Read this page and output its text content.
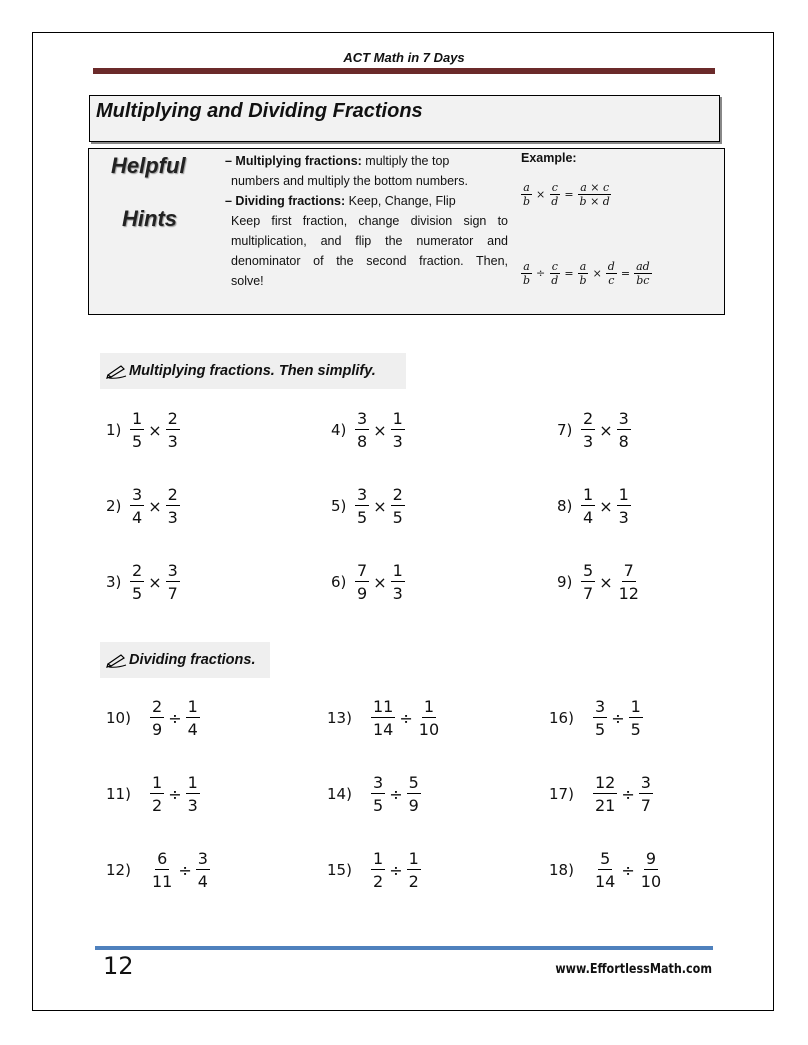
ACT Math in 7 Days
Multiplying and Dividing Fractions
Helpful
Hints
– Multiplying fractions: multiply the top
numbers and multiply the bottom numbers.
– Dividing fractions: Keep, Change, Flip
Keep first fraction, change division sign to
multiplication, and flip the numerator and
denominator of the second fraction. Then,
solve!
Example:
$\frac{a}{b} \times \frac{c}{d} = \frac{a \times c}{b \times d}$
$\frac{a}{b} \div \frac{c}{d} = \frac{a}{b} \times \frac{d}{c} = \frac{ad}{bc}$
Multiplying fractions. Then simplify.
Dividing fractions.
$1) \frac{1}{5} \times \frac{2}{3}$	$4) \frac{3}{8} \times \frac{1}{3}$	$7) \frac{2}{3} \times \frac{3}{8}$
$2) \frac{3}{4} \times \frac{2}{3}$	$5) \frac{3}{5} \times \frac{2}{5}$	$8) \frac{1}{4} \times \frac{1}{3}$
$3) \frac{2}{5} \times \frac{3}{7}$	$6) \frac{7}{9} \times \frac{1}{3}$	$9) \frac{5}{7} \times \frac{7}{12}$
10)	$\frac{2}{9} \div \frac{1}{4}$	13)	$\frac{11}{14} \div \frac{1}{10}$	16)	$\frac{3}{5} \div \frac{1}{5}$
11)	$\frac{1}{2} \div \frac{1}{3}$	14)	$\frac{3}{5} \div \frac{5}{9}$	17)	$\frac{12}{21} \div \frac{3}{7}$
12)	$\frac{6}{11} \div \frac{3}{4}$	15)	$\frac{1}{2} \div \frac{1}{2}$	18)	$\frac{5}{14} \div \frac{9}{10}$
12	www.EffortlessMath.com
